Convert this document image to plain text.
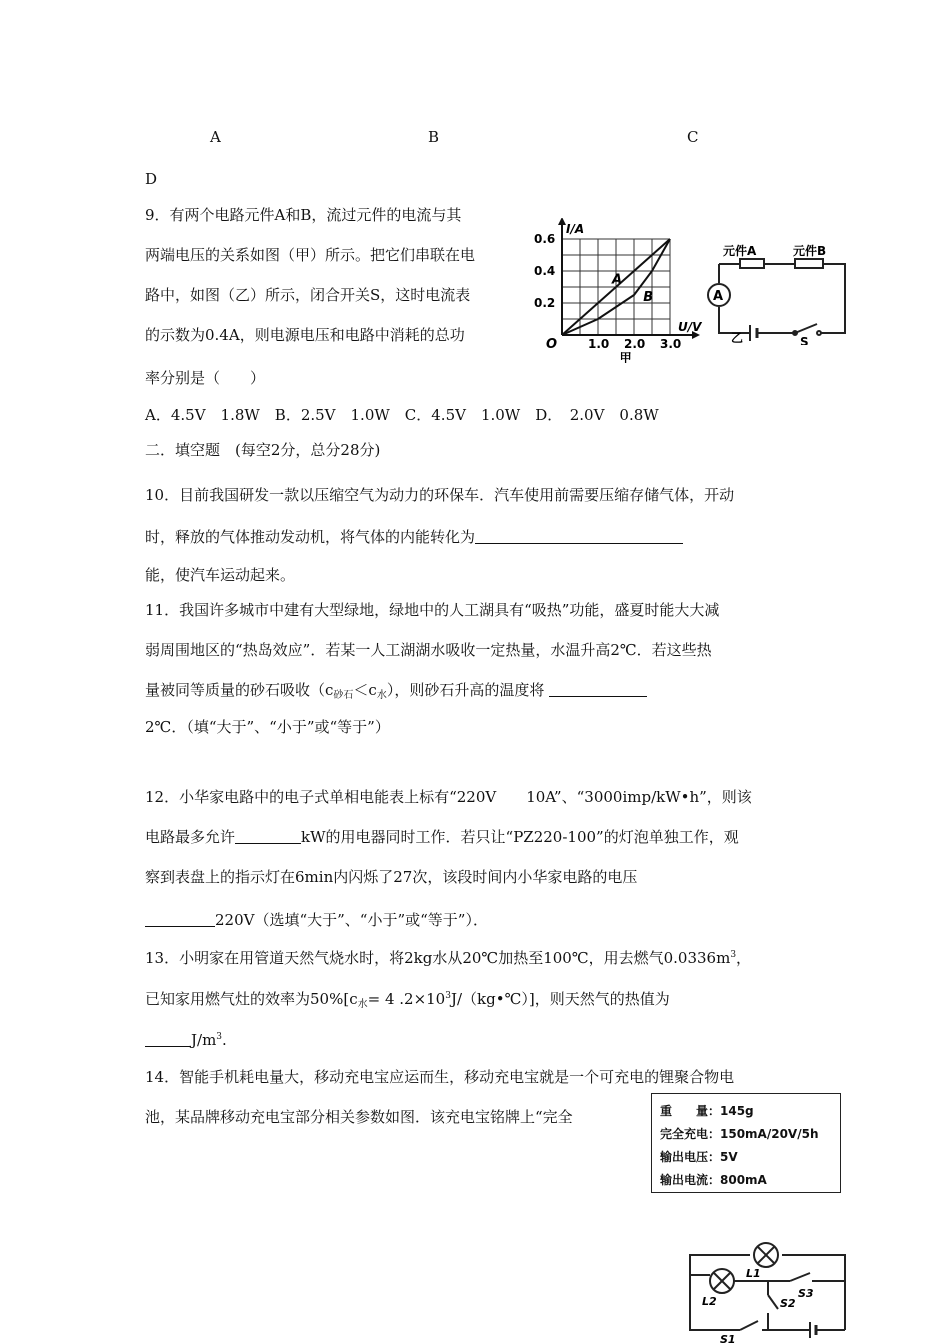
A	B	C
D
9．有两个电路元件A和B，流过元件的电流与其
两端电压的关系如图（甲）所示。把它们串联在电
路中，如图（乙）所示，闭合开关S，这时电流表
的示数为0.4A，则电源电压和电路中消耗的总功
率分别是（　　）
A．4.5V　1.8W　B．2.5V　1.0W　C．4.5V　1.0W　D．　2.0V　0.8W
A
B
1.0 2.0 3.0
0.2
0.4
0.6
O
I/A
U/V
甲
A
元件A	元件B
乙	S
二．填空题　(每空2分，总分28分)
10．目前我国研发一款以压缩空气为动力的环保车．汽车使用前需要压缩存储气体，开动
时，释放的气体推动发动机，将气体的内能转化为
能，使汽车运动起来。
11．我国许多城市中建有大型绿地，绿地中的人工湖具有“吸热”功能，盛夏时能大大减
弱周围地区的“热岛效应”．若某一人工湖湖水吸收一定热量，水温升高2℃．若这些热
量被同等质量的砂石吸收$(c_{砂石}<c_水)$，则砂石升高的温度将
2℃．（填“大于”、“小于”或“等于”）
12．小华家电路中的电子式单相电能表上标有“220V　　10A”、“3000imp/kW•h”，则该
电路最多允许	kW的用电器同时工作．若只让“PZ220-100”的灯泡单独工作，观
察到表盘上的指示灯在6min内闪烁了27次，该段时间内小华家电路的电压
220V（选填“大于”、“小于”或“等于”）．
13．小明家在用管道天然气烧水时，将2kg水从20℃加热至100℃，用去燃气$0.0336m^3$，
已知家用燃气灶的效率为$50\%[c_水= 4$ $.2\times 10^3J/(kg•℃)$]，则天然气的热值为
$J/m^3$.
14．智能手机耗电量大，移动充电宝应运而生，移动充电宝就是一个可充电的锂聚合物电
池，某品牌移动充电宝部分相关参数如图．该充电宝铭牌上“完全	重　　量：145g
完全充电：150mA/20V/5h
输出电压：5V
输出电流：800mA
L1
L2
S3
S2
S1
